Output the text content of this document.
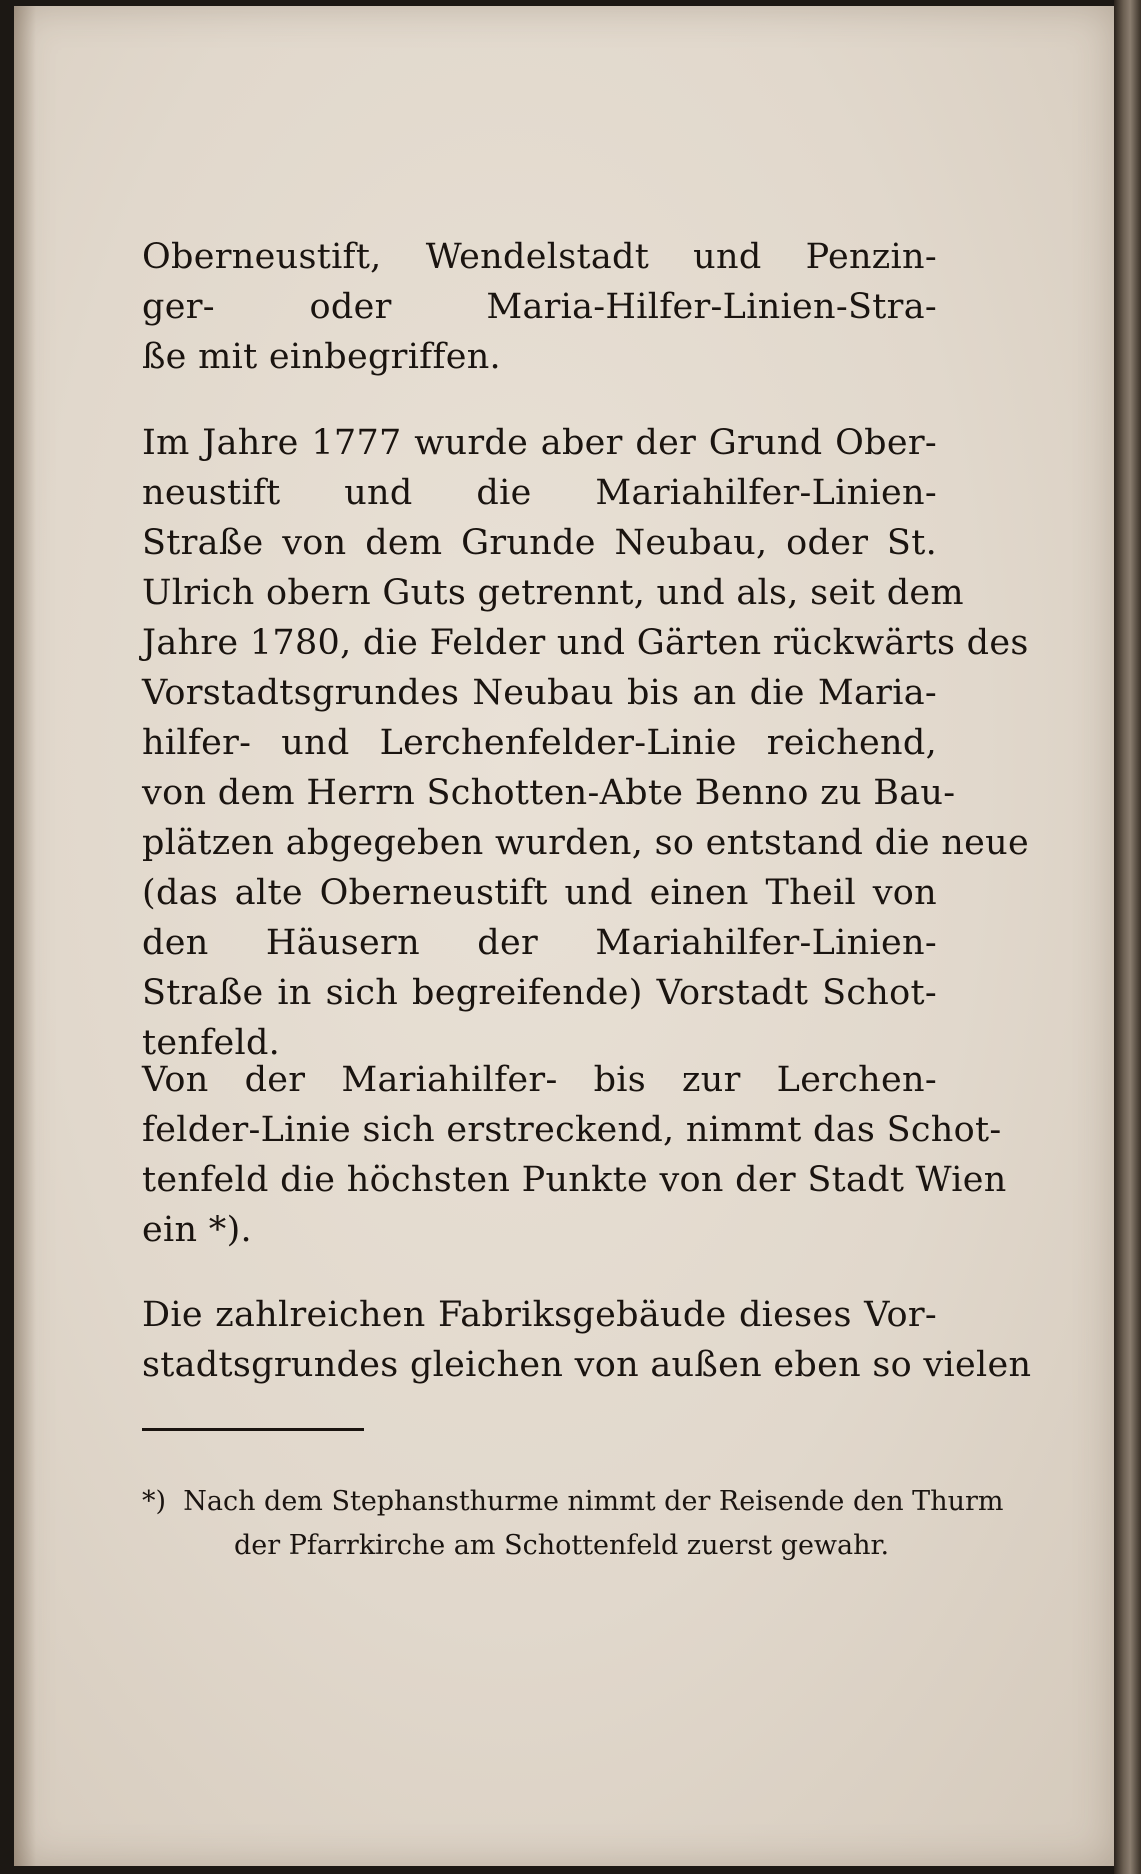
Oberneustift, Wendelstadt und Penzin-
ger- oder Maria-Hilfer-Linien-Stra-
ße mit einbegriffen.
Im Jahre 1777 wurde aber der Grund Ober-
neustift und die Mariahilfer-Linien-
Straße von dem Grunde Neubau, oder St.
Ulrich obern Guts getrennt, und als, seit dem
Jahre 1780, die Felder und Gärten rückwärts des
Vorstadtsgrundes Neubau bis an die Maria-
hilfer- und Lerchenfelder-Linie reichend,
von dem Herrn Schotten-Abte Benno zu Bau-
plätzen abgegeben wurden, so entstand die neue
(das alte Oberneustift und einen Theil von
den Häusern der Mariahilfer-Linien-
Straße in sich begreifende) Vorstadt Schot-
tenfeld.
Von der Mariahilfer- bis zur Lerchen-
felder-Linie sich erstreckend, nimmt das Schot-
tenfeld die höchsten Punkte von der Stadt Wien
ein *).
Die zahlreichen Fabriksgebäude dieses Vor-
stadtsgrundes gleichen von außen eben so vielen
*) Nach dem Stephansthurme nimmt der Reisende den Thurm
der Pfarrkirche am Schottenfeld zuerst gewahr.
